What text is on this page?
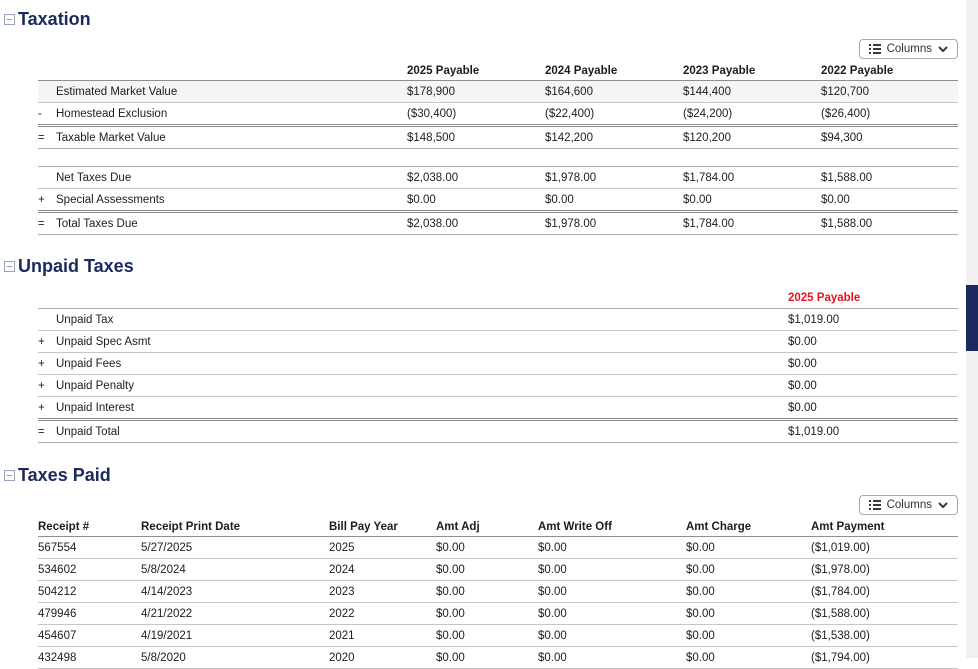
Taxation
Columns
		2025 Payable	2024 Payable	2023 Payable	2022 Payable
	Estimated Market Value	$178,900	$164,600	$144,400	$120,700
-	Homestead Exclusion	($30,400)	($22,400)	($24,200)	($26,400)
=	Taxable Market Value	$148,500	$142,200	$120,200	$94,300

	Net Taxes Due	$2,038.00	$1,978.00	$1,784.00	$1,588.00
+	Special Assessments	$0.00	$0.00	$0.00	$0.00
=	Total Taxes Due	$2,038.00	$1,978.00	$1,784.00	$1,588.00
Unpaid Taxes
		2025 Payable
	Unpaid Tax	$1,019.00
+	Unpaid Spec Asmt	$0.00
+	Unpaid Fees	$0.00
+	Unpaid Penalty	$0.00
+	Unpaid Interest	$0.00
=	Unpaid Total	$1,019.00
Taxes Paid
Columns
Receipt #	Receipt Print Date	Bill Pay Year	Amt Adj	Amt Write Off	Amt Charge	Amt Payment
567554	5/27/2025	2025	$0.00	$0.00	$0.00	($1,019.00)
534602	5/8/2024	2024	$0.00	$0.00	$0.00	($1,978.00)
504212	4/14/2023	2023	$0.00	$0.00	$0.00	($1,784.00)
479946	4/21/2022	2022	$0.00	$0.00	$0.00	($1,588.00)
454607	4/19/2021	2021	$0.00	$0.00	$0.00	($1,538.00)
432498	5/8/2020	2020	$0.00	$0.00	$0.00	($1,794.00)
